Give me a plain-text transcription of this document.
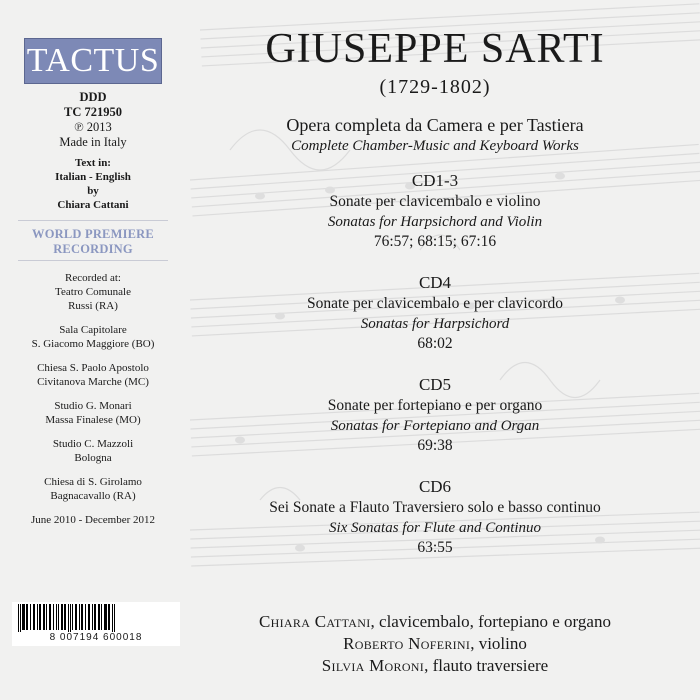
TACTUS
DDD
TC 721950
℗ 2013
Made in Italy
Text in:
Italian - English
by
Chiara Cattani
WORLD PREMIERE
RECORDING
Recorded at:
Teatro Comunale
Russi (RA)
Sala Capitolare
S. Giacomo Maggiore (BO)
Chiesa S. Paolo Apostolo
Civitanova Marche (MC)
Studio G. Monari
Massa Finalese (MO)
Studio C. Mazzoli
Bologna
Chiesa di S. Girolamo
Bagnacavallo (RA)
June 2010 - December 2012
8 007194 600018
GIUSEPPE SARTI
(1729-1802)
Opera completa da Camera e per Tastiera
Complete Chamber-Music and Keyboard Works
CD1-3
Sonate per clavicembalo e violino
Sonatas for Harpsichord and Violin
76:57; 68:15; 67:16
CD4
Sonate per clavicembalo e per clavicordo
Sonatas for Harpsichord
68:02
CD5
Sonate per fortepiano e per organo
Sonatas for Fortepiano and Organ
69:38
CD6
Sei Sonate a Flauto Traversiero solo e basso continuo
Six Sonatas for Flute and Continuo
63:55
Chiara Cattani, clavicembalo, fortepiano e organo
Roberto Noferini, violino
Silvia Moroni, flauto traversiere
